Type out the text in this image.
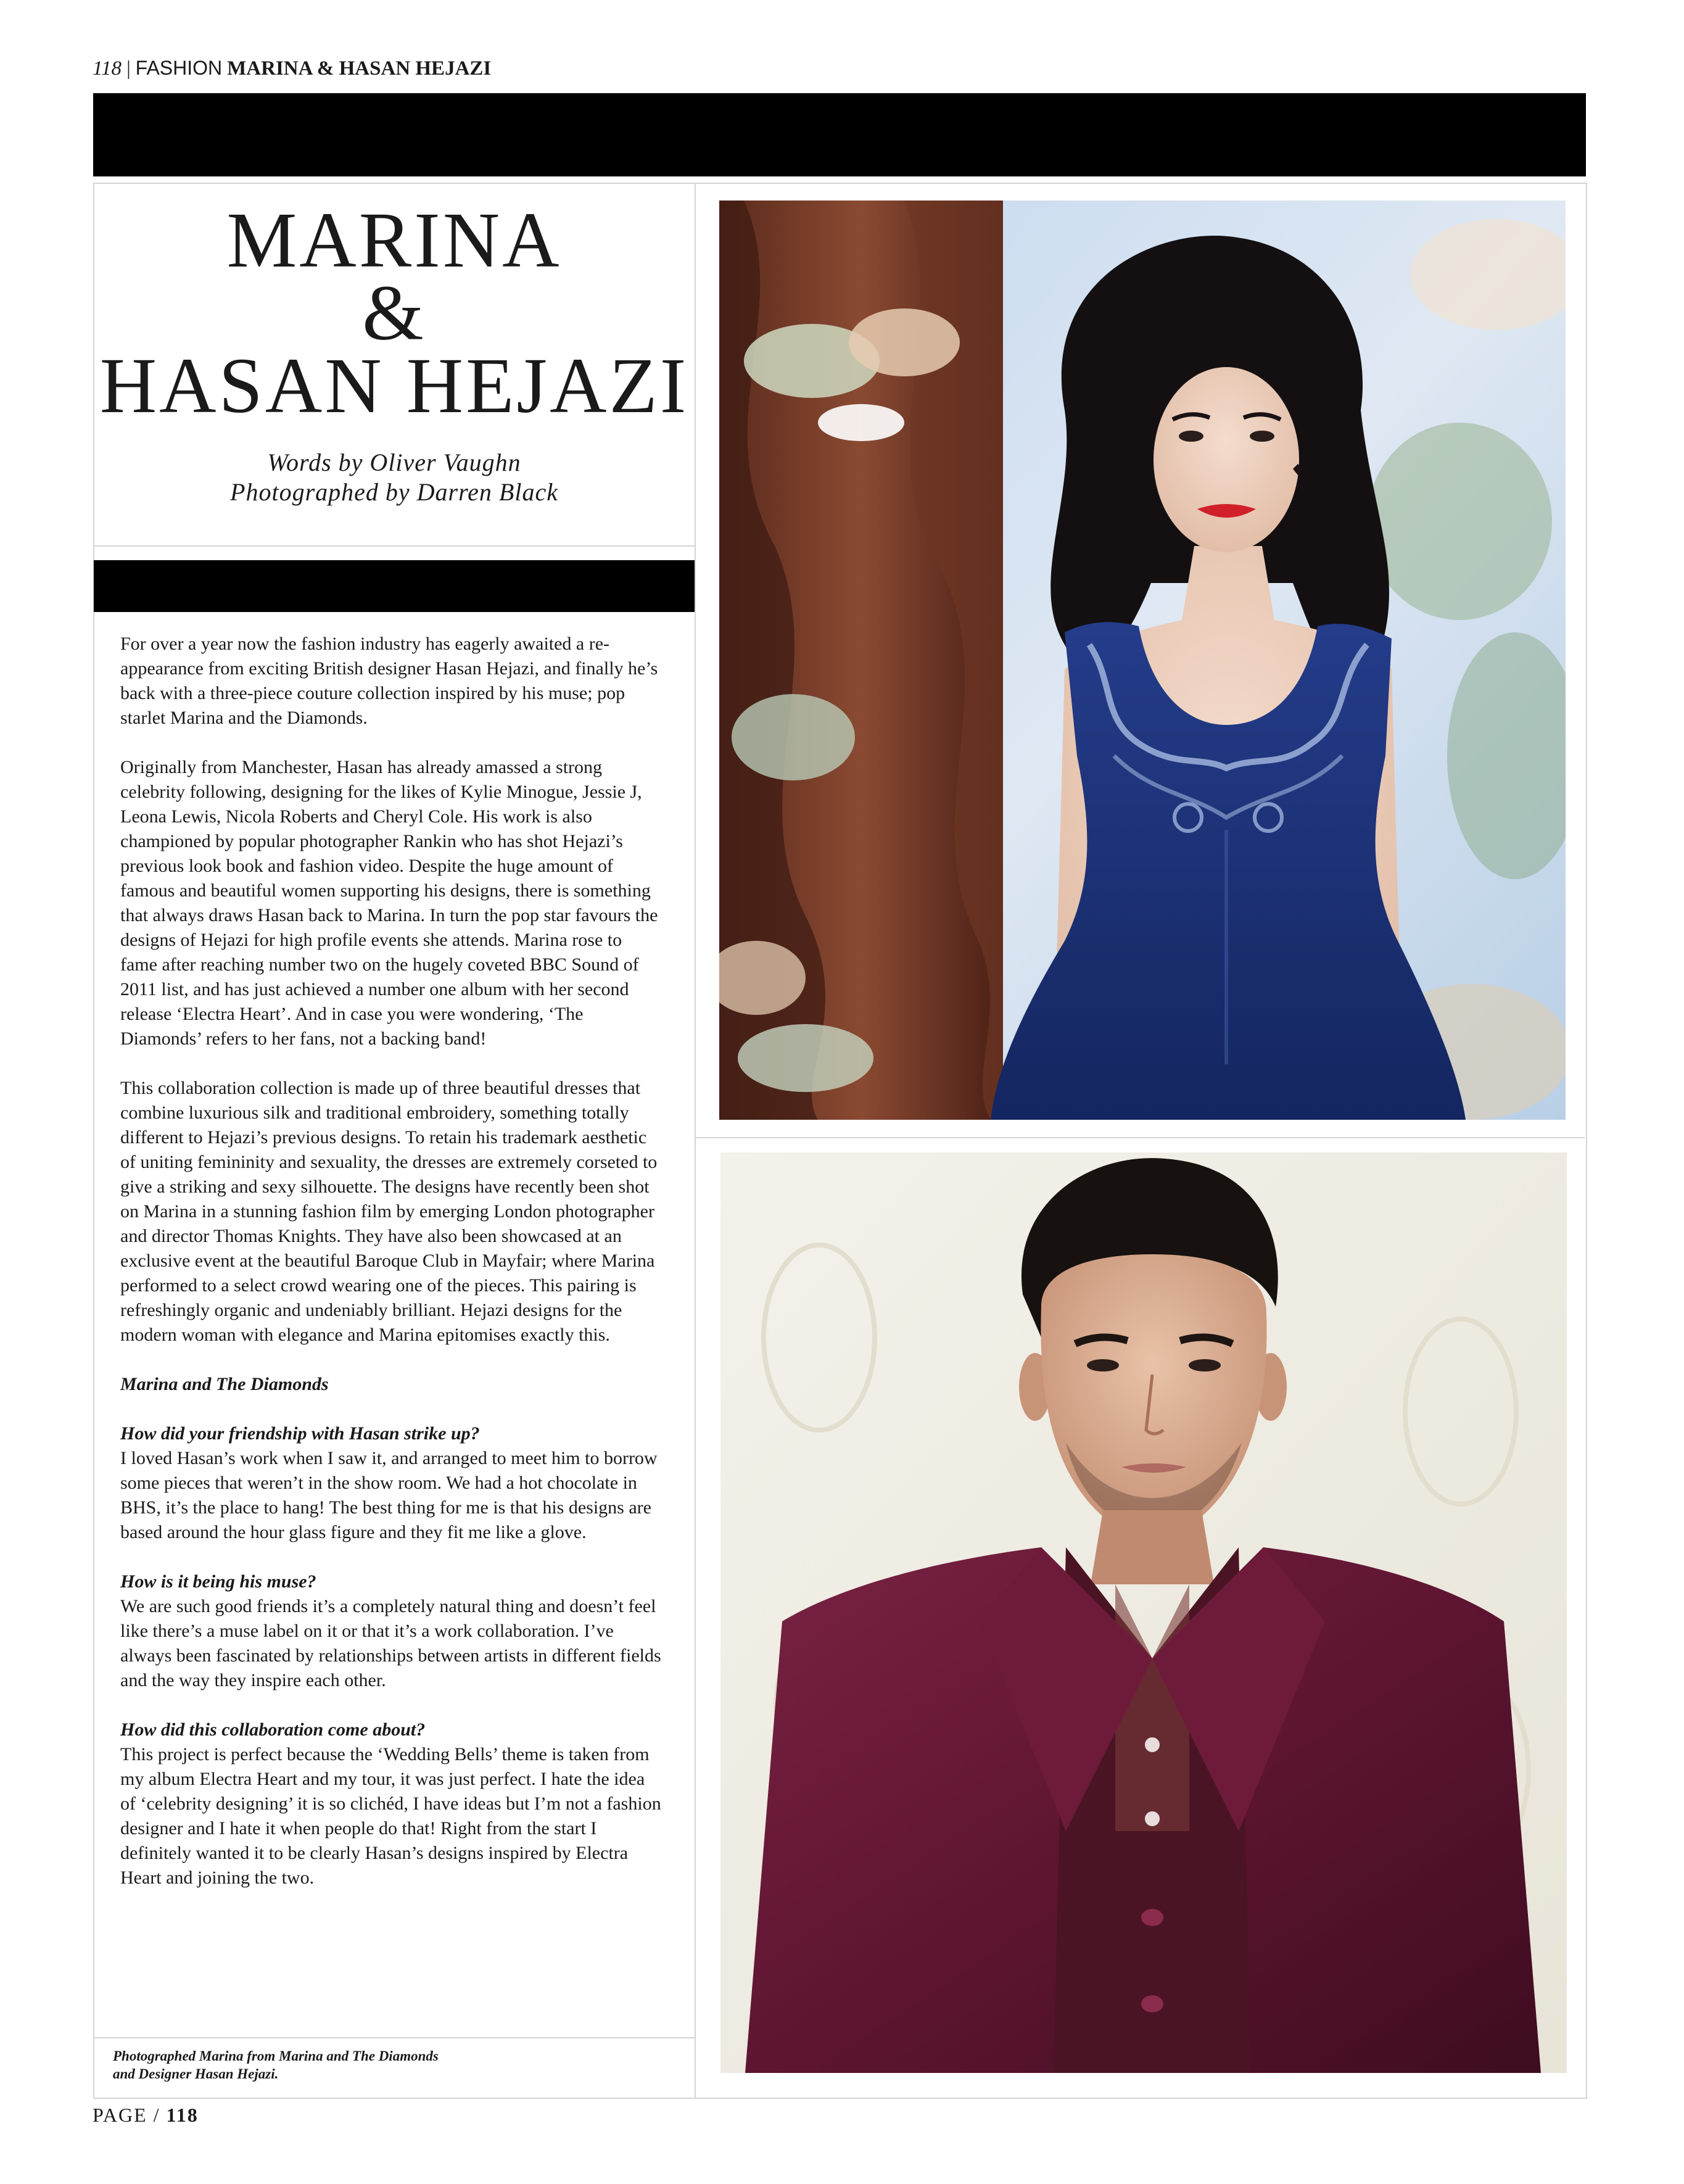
118 | FASHION MARINA & HASAN HEJAZI
MARINA
&
HASAN HEJAZI
Words by Oliver Vaughn
Photographed by Darren Black

For over a year now the fashion industry has eagerly awaited a re-appearance from exciting British designer Hasan Hejazi, and finally he’s back with a three-piece couture collection inspired by his muse; pop starlet Marina and the Diamonds.

Originally from Manchester, Hasan has already amassed a strong celebrity following, designing for the likes of Kylie Minogue, Jessie J, Leona Lewis, Nicola Roberts and Cheryl Cole. His work is also championed by popular photographer Rankin who has shot Hejazi’s previous look book and fashion video. Despite the huge amount of famous and beautiful women supporting his designs, there is something that always draws Hasan back to Marina. In turn the pop star favours the designs of Hejazi for high profile events she attends. Marina rose to fame after reaching number two on the hugely coveted BBC Sound of 2011 list, and has just achieved a number one album with her second release ‘Electra Heart’. And in case you were wondering, ‘The Diamonds’ refers to her fans, not a backing band!

This collaboration collection is made up of three beautiful dresses that combine luxurious silk and traditional embroidery, something totally different to Hejazi’s previous designs. To retain his trademark aesthetic of uniting femininity and sexuality, the dresses are extremely corseted to give a striking and sexy silhouette. The designs have recently been shot on Marina in a stunning fashion film by emerging London photographer and director Thomas Knights. They have also been showcased at an exclusive event at the beautiful Baroque Club in Mayfair; where Marina performed to a select crowd wearing one of the pieces. This pairing is refreshingly organic and undeniably brilliant. Hejazi designs for the modern woman with elegance and Marina epitomises exactly this.

Marina and The Diamonds

How did your friendship with Hasan strike up?

I loved Hasan’s work when I saw it, and arranged to meet him to borrow some pieces that weren’t in the show room. We had a hot chocolate in BHS, it’s the place to hang! The best thing for me is that his designs are based around the hour glass figure and they fit me like a glove.

How is it being his muse?

We are such good friends it’s a completely natural thing and doesn’t feel like there’s a muse label on it or that it’s a work collaboration. I’ve always been fascinated by relationships between artists in different fields and the way they inspire each other.

How did this collaboration come about?

This project is perfect because the ‘Wedding Bells’ theme is taken from my album Electra Heart and my tour, it was just perfect. I hate the idea of ‘celebrity designing’ it is so clichéd, I have ideas but I’m not a fashion designer and I hate it when people do that! Right from the start I definitely wanted it to be clearly Hasan’s designs inspired by Electra Heart and joining the two.

Photographed Marina from Marina and The Diamonds
and Designer Hasan Hejazi.
PAGE / 118
